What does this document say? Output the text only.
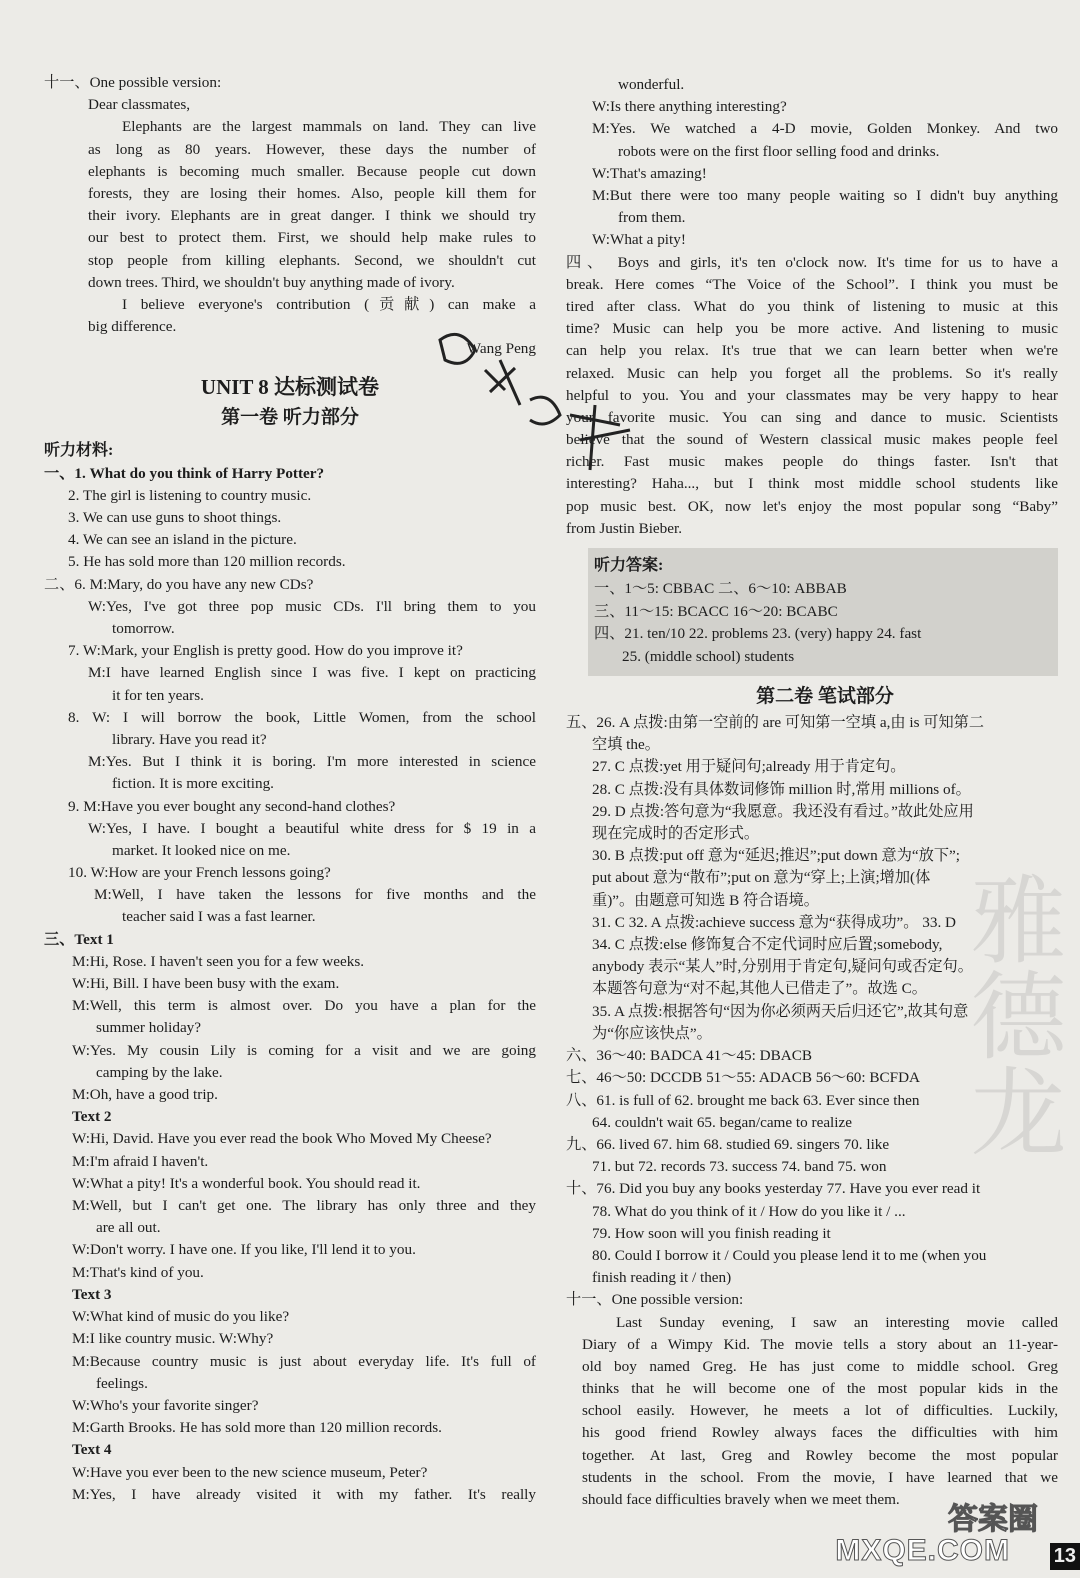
十一、One possible version:
Dear classmates,
Elephants are the largest mammals on land. They can live
as long as 80 years. However, these days the number of
elephants is becoming much smaller. Because people cut down
forests, they are losing their homes. Also, people kill them for
their ivory. Elephants are in great danger. I think we should try
our best to protect them. First, we should help make rules to
stop people from killing elephants. Second, we shouldn't cut
down trees. Third, we shouldn't buy anything made of ivory.
I believe everyone's contribution (贡献) can make a
big difference.
Wang Peng
UNIT 8 达标测试卷
第一卷 听力部分
听力材料:
一、1. What do you think of Harry Potter?
2. The girl is listening to country music.
3. We can use guns to shoot things.
4. We can see an island in the picture.
5. He has sold more than 120 million records.
二、6. M:Mary, do you have any new CDs?
W:Yes, I've got three pop music CDs. I'll bring them to you
tomorrow.
7. W:Mark, your English is pretty good. How do you improve it?
M:I have learned English since I was five. I kept on practicing
it for ten years.
8. W: I will borrow the book, Little Women, from the school
library. Have you read it?
M:Yes. But I think it is boring. I'm more interested in science
fiction. It is more exciting.
9. M:Have you ever bought any second-hand clothes?
W:Yes, I have. I bought a beautiful white dress for $ 19 in a
market. It looked nice on me.
10. W:How are your French lessons going?
M:Well, I have taken the lessons for five months and the
teacher said I was a fast learner.
三、Text 1
M:Hi, Rose. I haven't seen you for a few weeks.
W:Hi, Bill. I have been busy with the exam.
M:Well, this term is almost over. Do you have a plan for the
summer holiday?
W:Yes. My cousin Lily is coming for a visit and we are going
camping by the lake.
M:Oh, have a good trip.
Text 2
W:Hi, David. Have you ever read the book Who Moved My Cheese?
M:I'm afraid I haven't.
W:What a pity! It's a wonderful book. You should read it.
M:Well, but I can't get one. The library has only three and they
are all out.
W:Don't worry. I have one. If you like, I'll lend it to you.
M:That's kind of you.
Text 3
W:What kind of music do you like?
M:I like country music. W:Why?
M:Because country music is just about everyday life. It's full of
feelings.
W:Who's your favorite singer?
M:Garth Brooks. He has sold more than 120 million records.
Text 4
W:Have you ever been to the new science museum, Peter?
M:Yes, I have already visited it with my father. It's really
wonderful.
W:Is there anything interesting?
M:Yes. We watched a 4-D movie, Golden Monkey. And two
robots were on the first floor selling food and drinks.
W:That's amazing!
M:But there were too many people waiting so I didn't buy anything
from them.
W:What a pity!
四、 Boys and girls, it's ten o'clock now. It's time for us to have a
break. Here comes “The Voice of the School”. I think you must be
tired after class. What do you think of listening to music at this
time? Music can help you be more active. And listening to music
can help you relax. It's true that we can learn better when we're
relaxed. Music can help you forget all the problems. So it's really
helpful to you. You and your classmates may be very happy to hear
your favorite music. You can sing and dance to music. Scientists
believe that the sound of Western classical music makes people feel
richer. Fast music makes people do things faster. Isn't that
interesting? Haha..., but I think most middle school students like
pop music best. OK, now let's enjoy the most popular song “Baby”
from Justin Bieber.
听力答案:
一、1～5: CBBAC 二、6～10: ABBAB
三、11～15: BCACC 16～20: BCABC
四、21. ten/10 22. problems 23. (very) happy 24. fast
25. (middle school) students
第二卷 笔试部分
五、26. A 点拨:由第一空前的 are 可知第一空填 a,由 is 可知第二
空填 the。
27. C 点拨:yet 用于疑问句;already 用于肯定句。
28. C 点拨:没有具体数词修饰 million 时,常用 millions of。
29. D 点拨:答句意为“我愿意。我还没有看过。”故此处应用
现在完成时的否定形式。
30. B 点拨:put off 意为“延迟;推迟”;put down 意为“放下”;
put about 意为“散布”;put on 意为“穿上;上演;增加(体
重)”。由题意可知选 B 符合语境。
31. C 32. A 点拨:achieve success 意为“获得成功”。 33. D
34. C 点拨:else 修饰复合不定代词时应后置;somebody,
anybody 表示“某人”时,分别用于肯定句,疑问句或否定句。
本题答句意为“对不起,其他人已借走了”。故选 C。
35. A 点拨:根据答句“因为你必须两天后归还它”,故其句意
为“你应该快点”。
六、36～40: BADCA 41～45: DBACB
七、46～50: DCCDB 51～55: ADACB 56～60: BCFDA
八、61. is full of 62. brought me back 63. Ever since then
64. couldn't wait 65. began/came to realize
九、66. lived 67. him 68. studied 69. singers 70. like
71. but 72. records 73. success 74. band 75. won
十、76. Did you buy any books yesterday 77. Have you ever read it
78. What do you think of it / How do you like it / ...
79. How soon will you finish reading it
80. Could I borrow it / Could you please lend it to me (when you
finish reading it / then)
十一、One possible version:
Last Sunday evening, I saw an interesting movie called
Diary of a Wimpy Kid. The movie tells a story about an 11-year-
old boy named Greg. He has just come to middle school. Greg
thinks that he will become one of the most popular kids in the
school easily. However, he meets a lot of difficulties. Luckily,
his good friend Rowley always faces the difficulties with him
together. At last, Greg and Rowley become the most popular
students in the school. From the movie, I have learned that we
should face difficulties bravely when we meet them.
雅德龙
答案圈
MXQE.COM 13
